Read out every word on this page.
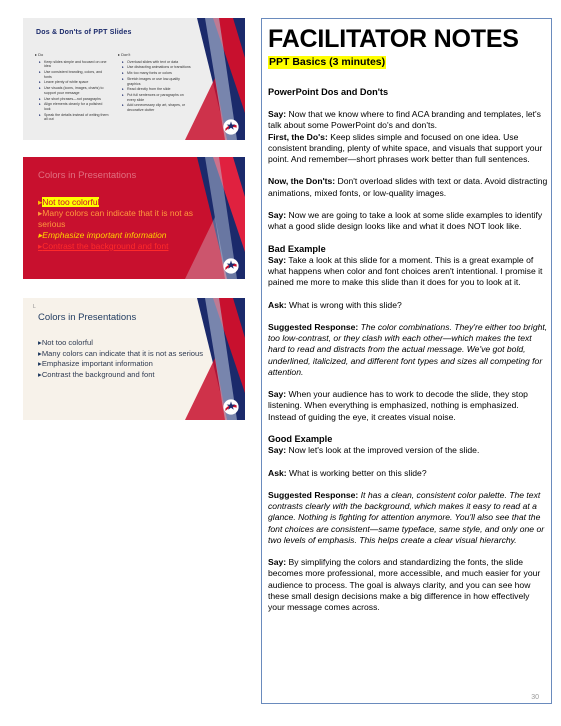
Dos & Don'ts of PPT Slides
▸ Do
▸ Keep slides simple and focused on one idea
▸ Use consistent branding, colors, and fonts
▸ Leave plenty of white space
▸ Use visuals (icons, images, charts) to support your message
▸ Use short phrases—not paragraphs
▸ Align elements cleanly for a polished look
▸ Speak the details instead of writing them all out
▸ Don't
▸ Overload slides with text or data
▸ Use distracting animations or transitions
▸ Mix too many fonts or colors
▸ Stretch images or use low-quality graphics
▸ Read directly from the slide
▸ Put full sentences or paragraphs on every slide
▸ Add unnecessary clip art, shapes, or decorative clutter
Colors in Presentations
▸Not too colorful
▸Many colors can indicate that it is not as serious
▸Emphasize important information
▸Contrast the background and font
L
Colors in Presentations
▸Not too colorful
▸Many colors can indicate that it is not as serious
▸Emphasize important information
▸Contrast the background and font
FACILITATOR NOTES
PPT Basics (3 minutes)

PowerPoint Dos and Don'ts

Say: Now that we know where to find ACA branding and templates, let's talk about some PowerPoint do's and don'ts.
First, the Do's: Keep slides simple and focused on one idea. Use consistent branding, plenty of white space, and visuals that support your point. And remember—short phrases work better than full sentences.

Now, the Don'ts: Don't overload slides with text or data. Avoid distracting animations, mixed fonts, or low-quality images.

Say: Now we are going to take a look at some slide examples to identify what a good slide design looks like and what it does NOT look like.

Bad Example

Say: Take a look at this slide for a moment. This is a great example of what happens when color and font choices aren't intentional. I promise it pained me more to make this slide than it does for you to look at it.

Ask: What is wrong with this slide?

Suggested Response: The color combinations. They're either too bright, too low-contrast, or they clash with each other—which makes the text hard to read and distracts from the actual message. We've got bold, underlined, italicized, and different font types and sizes all competing for attention.

Say: When your audience has to work to decode the slide, they stop listening. When everything is emphasized, nothing is emphasized. Instead of guiding the eye, it creates visual noise.

Good Example

Say: Now let's look at the improved version of the slide.

Ask: What is working better on this slide?

Suggested Response: It has a clean, consistent color palette. The text contrasts clearly with the background, which makes it easy to read at a glance. Nothing is fighting for attention anymore. You'll also see that the font choices are consistent—same typeface, same style, and only one or two levels of emphasis. This helps create a clear visual hierarchy.

Say: By simplifying the colors and standardizing the fonts, the slide becomes more professional, more accessible, and much easier for your audience to process. The goal is always clarity, and you can see how these small design decisions make a big difference in how effectively your message comes across.

30
